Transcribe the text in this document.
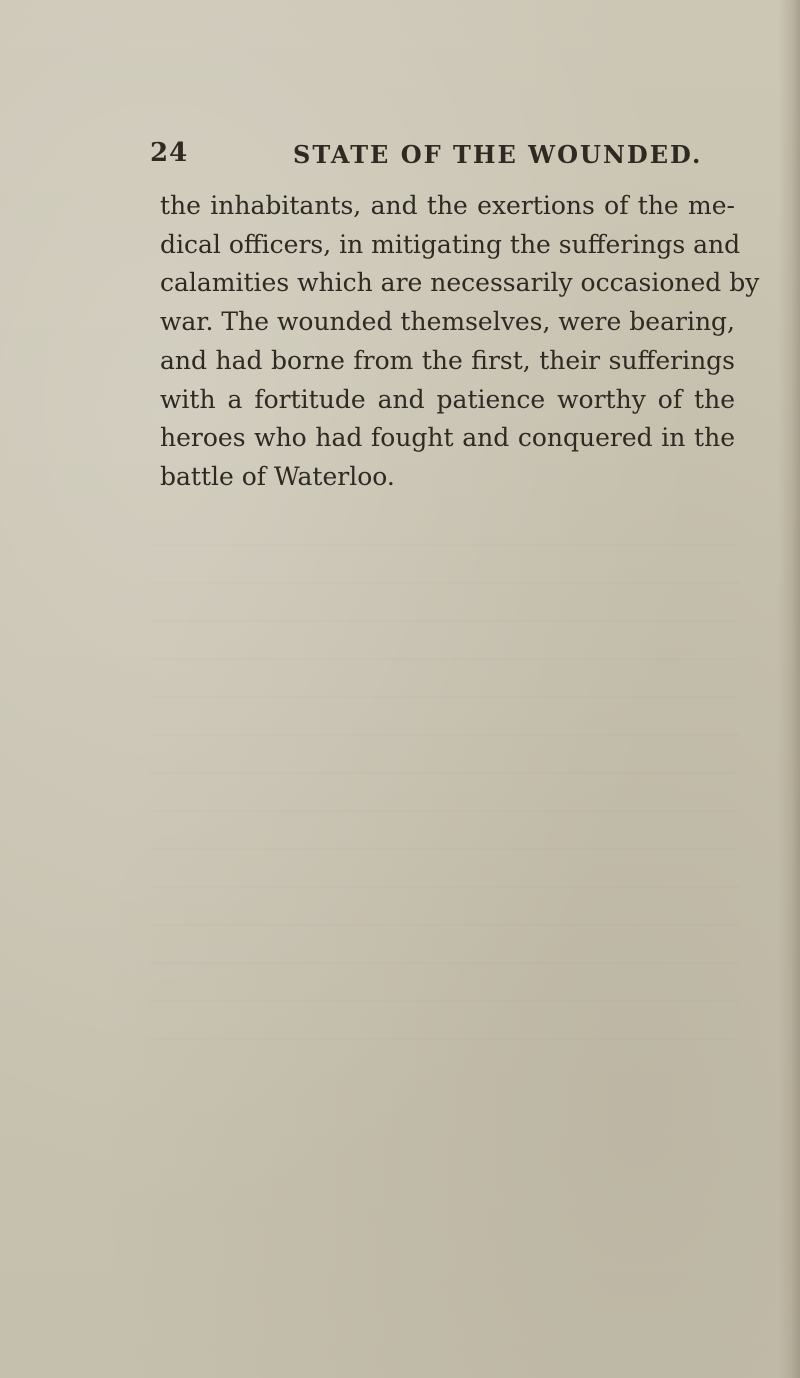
24	STATE OF THE WOUNDED.
the inhabitants, and the exertions of the me-
dical officers, in mitigating the sufferings and
calamities which are necessarily occasioned by
war. The wounded themselves, were bearing,
and had borne from the first, their sufferings
with a fortitude and patience worthy of the
heroes who had fought and conquered in the
battle of Waterloo.
